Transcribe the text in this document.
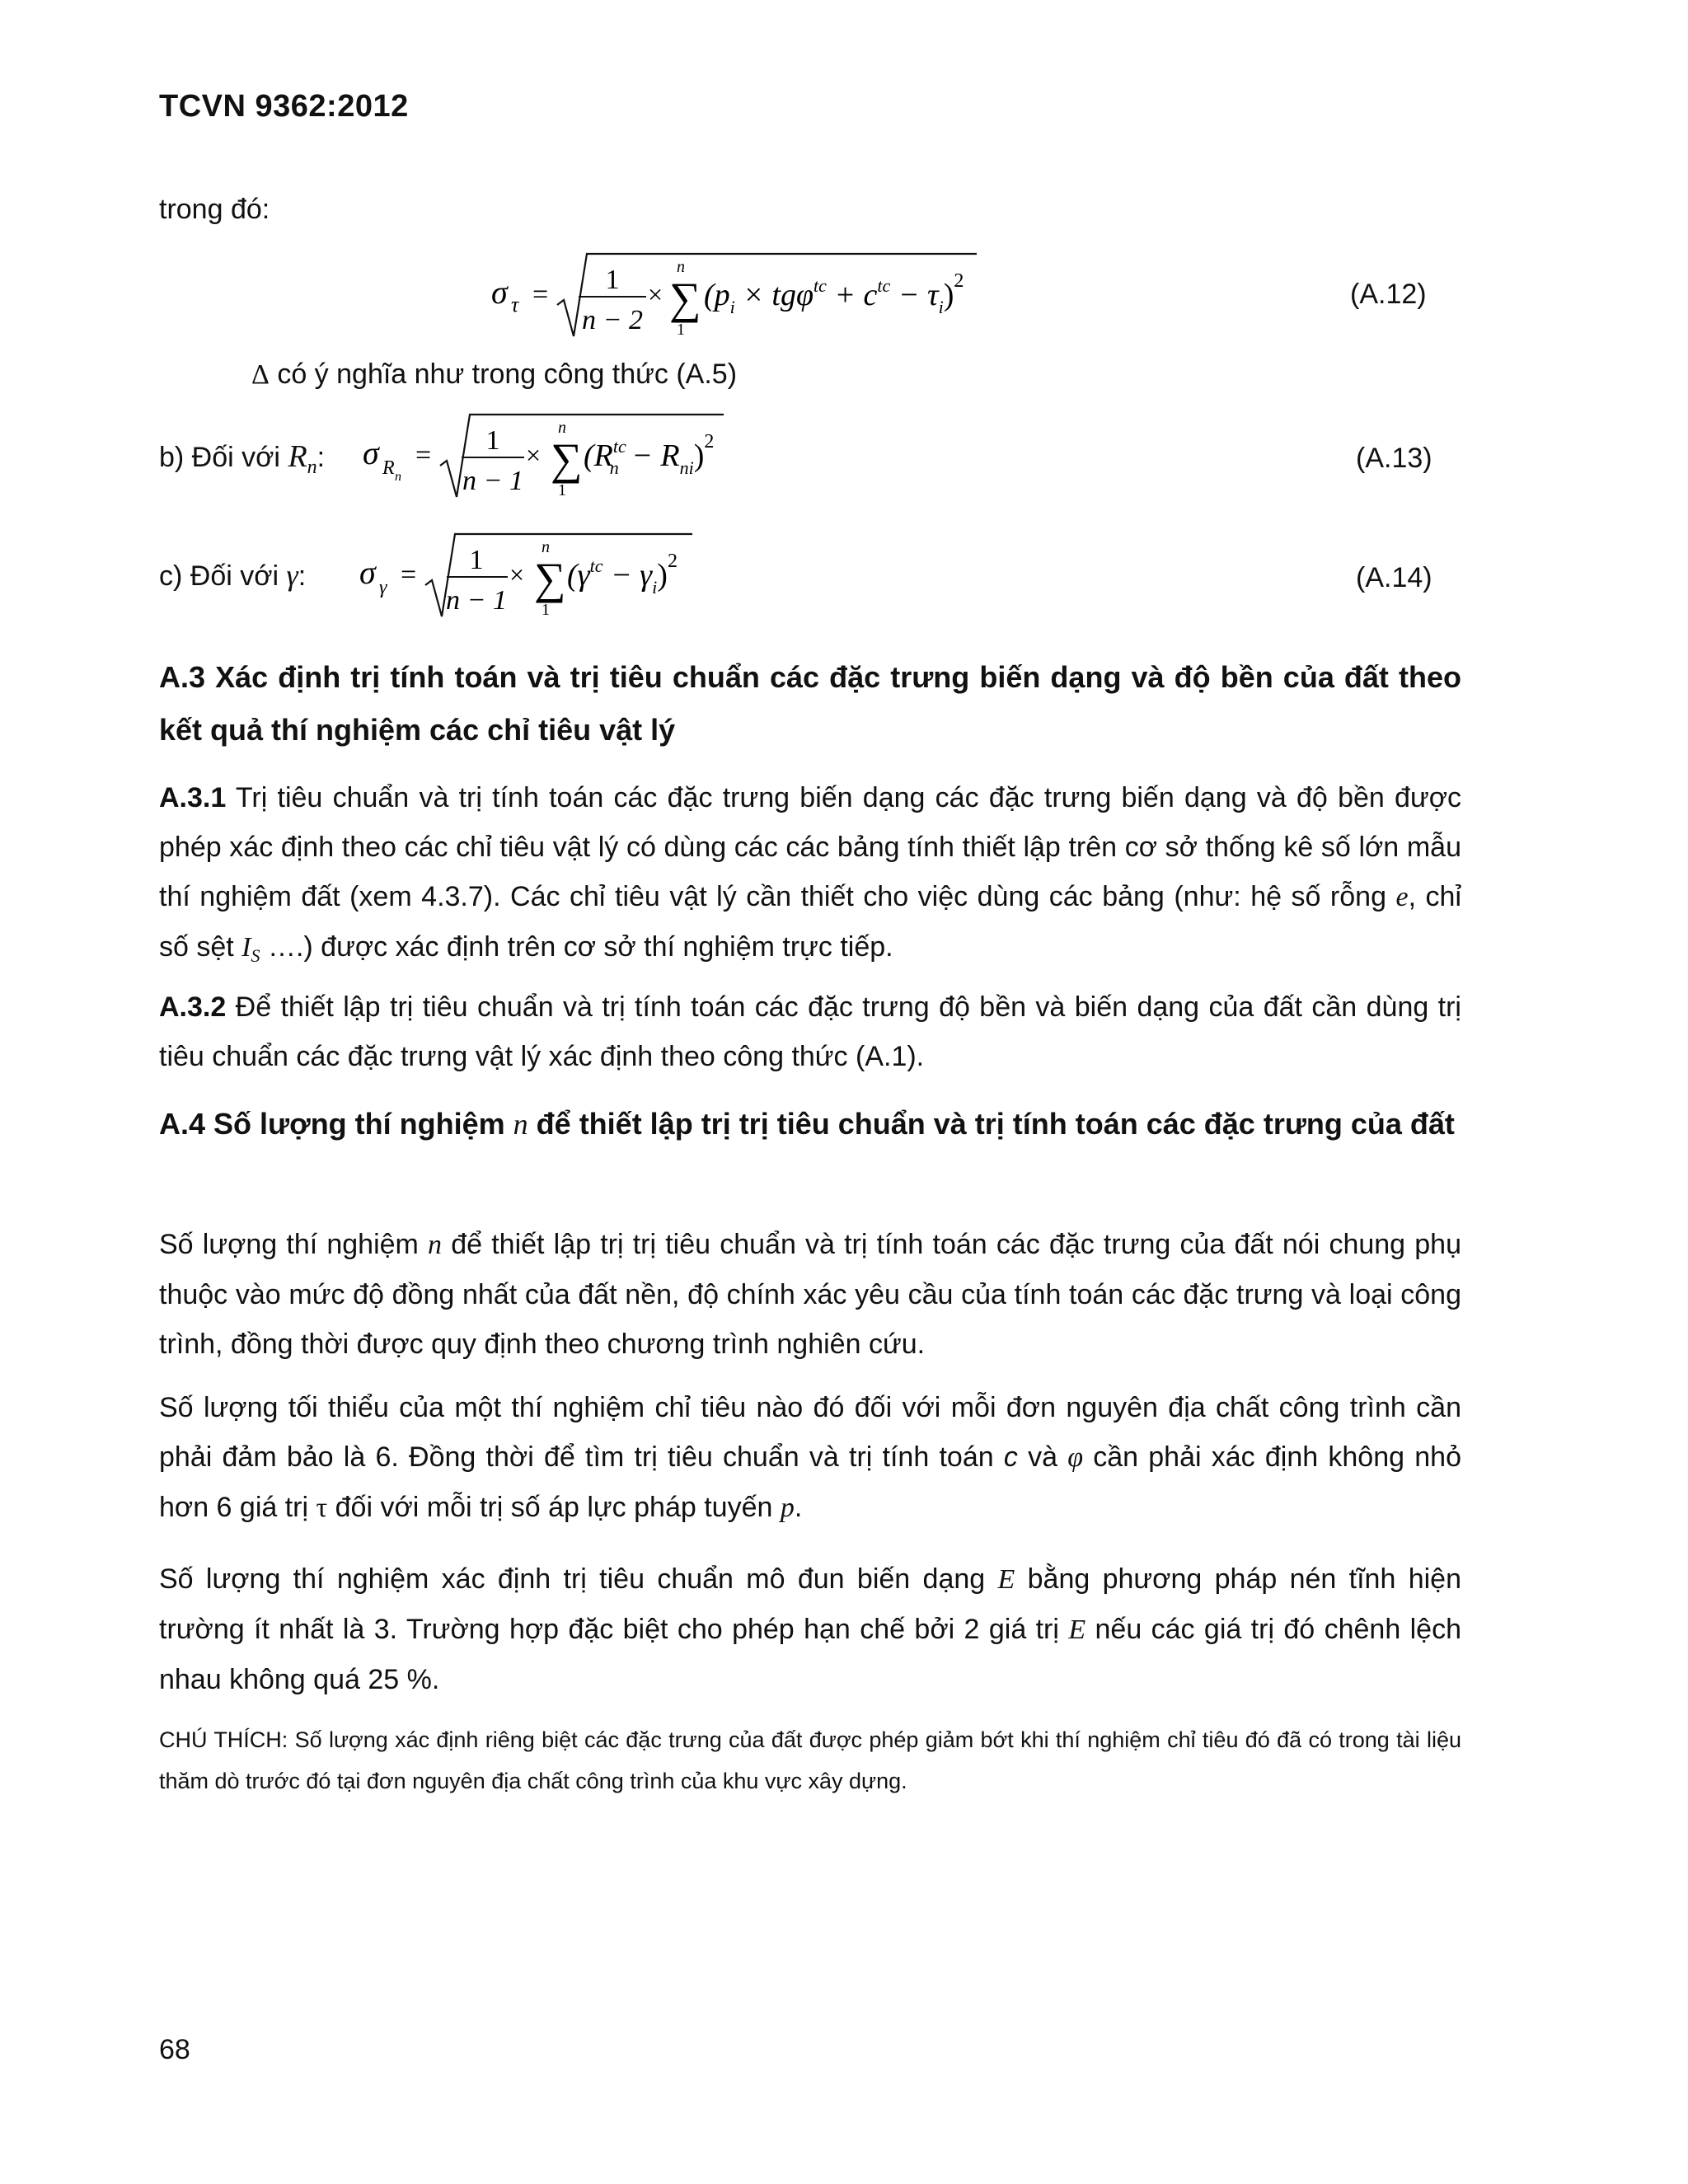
TCVN 9362:2012
trong đó:
σ τ = 1
n − 2
×
n
∑
1
$(p_i \times tg\varphi^{tc} + c^{tc} - \tau_i)^2$	(A.12)
Δ có ý nghĩa như trong công thức (A.5)
b) Đối với $R_n$: σ R n
= 1
n − 1
×
n
∑
1
($R^{tc}$ $n - R_{ni})^2$
(A.13)
c) Đối với γ: σ γ = 1
n − 1
×
n
∑
1
$(\gamma^{tc} - \gamma_i)^2$
(A.14)
A.3 Xác định trị tính toán và trị tiêu chuẩn các đặc trưng biến dạng và độ bền của đất theo kết quả thí nghiệm các chỉ tiêu vật lý
A.3.1 Trị tiêu chuẩn và trị tính toán các đặc trưng biến dạng các đặc trưng biến dạng và độ bền được phép xác định theo các chỉ tiêu vật lý có dùng các các bảng tính thiết lập trên cơ sở thống kê số lớn mẫu thí nghiệm đất (xem 4.3.7). Các chỉ tiêu vật lý cần thiết cho việc dùng các bảng (như: hệ số rỗng e, chỉ số sệt $I_S$ ….) được xác định trên cơ sở thí nghiệm trực tiếp.
A.3.2 Để thiết lập trị tiêu chuẩn và trị tính toán các đặc trưng độ bền và biến dạng của đất cần dùng trị tiêu chuẩn các đặc trưng vật lý xác định theo công thức (A.1).
A.4 Số lượng thí nghiệm n để thiết lập trị trị tiêu chuẩn và trị tính toán các đặc trưng của đất
Số lượng thí nghiệm n để thiết lập trị trị tiêu chuẩn và trị tính toán các đặc trưng của đất nói chung phụ thuộc vào mức độ đồng nhất của đất nền, độ chính xác yêu cầu của tính toán các đặc trưng và loại công trình, đồng thời được quy định theo chương trình nghiên cứu.
Số lượng tối thiểu của một thí nghiệm chỉ tiêu nào đó đối với mỗi đơn nguyên địa chất công trình cần phải đảm bảo là 6. Đồng thời để tìm trị tiêu chuẩn và trị tính toán c và φ cần phải xác định không nhỏ hơn 6 giá trị τ đối với mỗi trị số áp lực pháp tuyến p.
Số lượng thí nghiệm xác định trị tiêu chuẩn mô đun biến dạng E bằng phương pháp nén tĩnh hiện trường ít nhất là 3. Trường hợp đặc biệt cho phép hạn chế bởi 2 giá trị E nếu các giá trị đó chênh lệch nhau không quá 25 %.
CHÚ THÍCH: Số lượng xác định riêng biệt các đặc trưng của đất được phép giảm bớt khi thí nghiệm chỉ tiêu đó đã có trong tài liệu thăm dò trước đó tại đơn nguyên địa chất công trình của khu vực xây dựng.
68
